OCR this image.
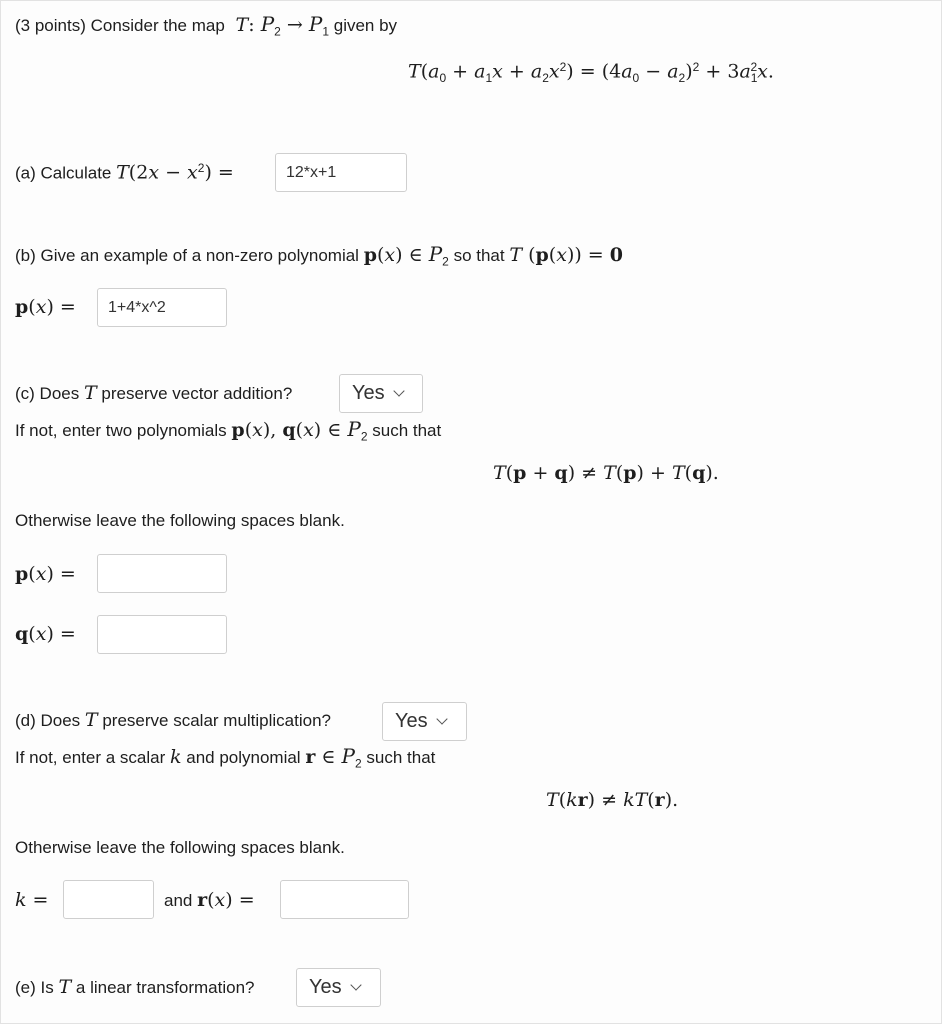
(3 points) Consider the map  T: $P_2 \to P_1$ given by
$T(a_0 + a_1x + a_2x^2) = (4a_0 - a_2)^2 + 3a_1^2x$.
(a) Calculate $T(2x - x^2)$ =	12*x+1
(b) Give an example of a non-zero polynomial p(x) ∈ $P_2$ so that T (p(x)) = 0
p(x) =	1+4*x^2
(c) Does T preserve vector addition?	Yes
If not, enter two polynomials p(x), q(x) ∈ $P_2$ such that
T(p + q) ≠ T(p) + T(q).
Otherwise leave the following spaces blank.
p(x) =
q(x) =
(d) Does T preserve scalar multiplication?	Yes
If not, enter a scalar k and polynomial r ∈ $P_2$ such that
T(kr) ≠ kT(r).
Otherwise leave the following spaces blank.
k =	and r(x) =
(e) Is T a linear transformation?	Yes
